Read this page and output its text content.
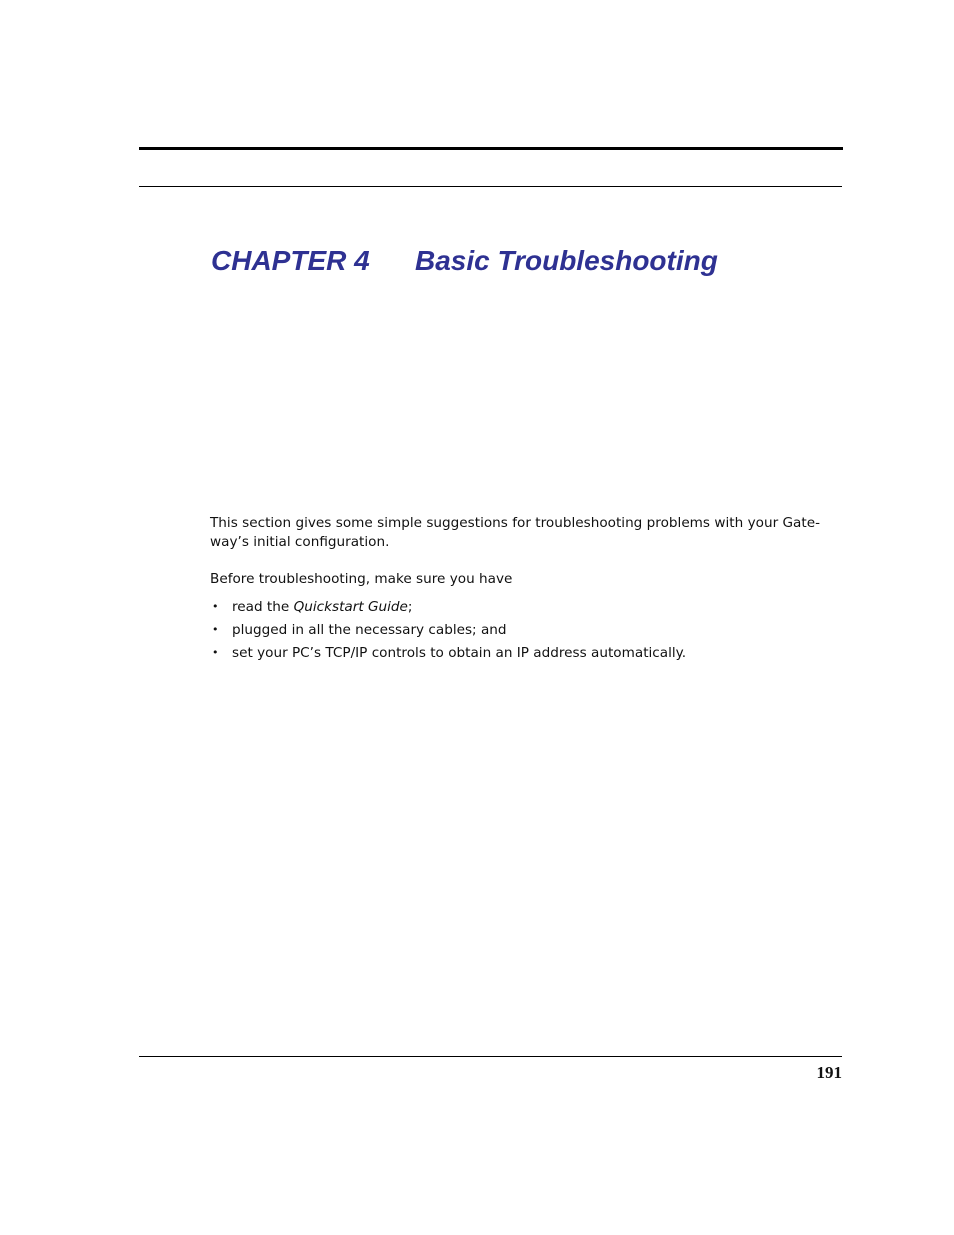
CHAPTER 4 Basic Troubleshooting

This section gives some simple suggestions for troubleshooting problems with your Gate-way’s initial configuration.

Before troubleshooting, make sure you have

• read the Quickstart Guide;
• plugged in all the necessary cables; and
• set your PC’s TCP/IP controls to obtain an IP address automatically.
191
